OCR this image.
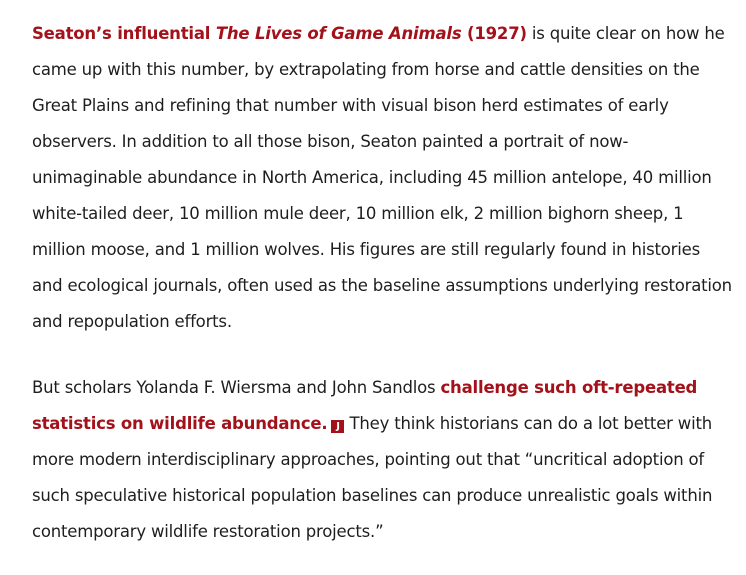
Seaton’s influential The Lives of Game Animals (1927) is quite clear on how he came up with this number, by extrapolating from horse and cattle densities on the Great Plains and refining that number with visual bison herd estimates of early observers. In addition to all those bison, Seaton painted a portrait of now-unimaginable abundance in North America, including 45 million antelope, 40 million white-tailed deer, 10 million mule deer, 10 million elk, 2 million bighorn sheep, 1 million moose, and 1 million wolves. His figures are still regularly found in histories and ecological journals, often used as the baseline assumptions underlying restoration and repopulation efforts.

But scholars Yolanda F. Wiersma and John Sandlos challenge such oft-repeated statistics on wildlife abundance. J They think historians can do a lot better with more modern interdisciplinary approaches, pointing out that “uncritical adoption of such speculative historical population baselines can produce unrealistic goals within contemporary wildlife restoration projects.”
